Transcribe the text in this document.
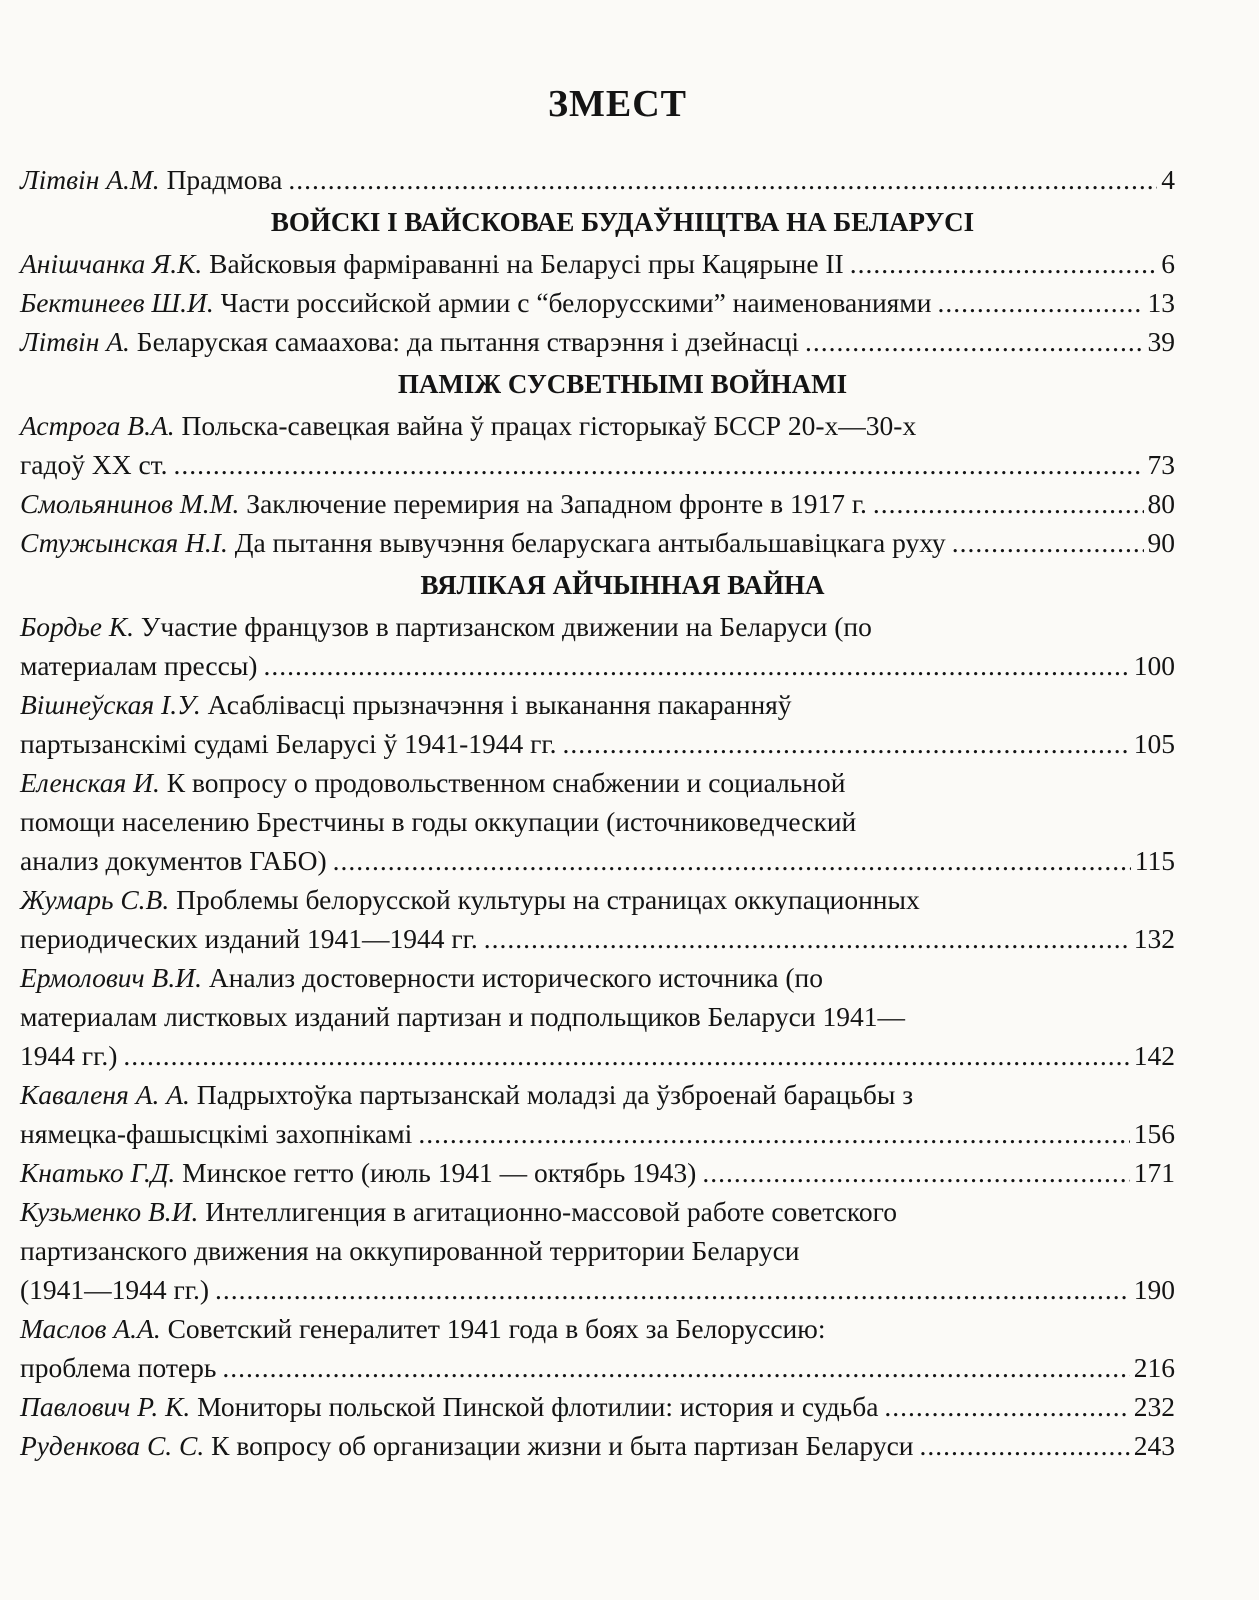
ЗМЕСТ
Літвін А.М. Прадмова .....	4
ВОЙСКІ І ВАЙСКОВАЕ БУДАЎНІЦТВА НА БЕЛАРУСІ
Анішчанка Я.К. Вайсковыя фарміраванні на Беларусі пры Кацярыне II .....	6
Бектинеев Ш.И. Части российской армии с “белорусскими” наименованиями .....	13
Літвін А. Беларуская самаахова: да пытання стварэння і дзейнасці .....	39
ПАМІЖ СУСВЕТНЫМІ ВОЙНАМІ
Астрога В.А. Польска-савецкая вайна ў працах гісторыкаў БССР 20-х—30-х
гадоў XX ст. .....	73
Смольянинов М.М. Заключение перемирия на Западном фронте в 1917 г. .....	80
Стужынская Н.І. Да пытання вывучэння беларускага антыбальшавіцкага руху .....	90
ВЯЛІКАЯ АЙЧЫННАЯ ВАЙНА
Бордье К. Участие французов в партизанском движении на Беларуси (по
материалам прессы) .....	100
Вішнеўская І.У. Асаблівасці прызначэння і выканання пакаранняў
партызанскімі судамі Беларусі ў 1941-1944 гг. .....	105
Еленская И. К вопросу о продовольственном снабжении и социальной
помощи населению Брестчины в годы оккупации (источниковедческий
анализ документов ГАБО) .....	115
Жумарь С.В. Проблемы белорусской культуры на страницах оккупационных
периодических изданий 1941—1944 гг. .....	132
Ермолович В.И. Анализ достоверности исторического источника (по
материалам листковых изданий партизан и подпольщиков Беларуси 1941—
1944 гг.) .....	142
Каваленя А. А. Падрыхтоўка партызанскай моладзі да ўзброенай барацьбы з
нямецка-фашысцкімі захопнікамі .....	156
Кнатько Г.Д. Минское гетто (июль 1941 — октябрь 1943) .....	171
Кузьменко В.И. Интеллигенция в агитационно-массовой работе советского
партизанского движения на оккупированной территории Беларуси
(1941—1944 гг.) .....	190
Маслов А.А. Советский генералитет 1941 года в боях за Белоруссию:
проблема потерь .....	216
Павлович Р. К. Мониторы польской Пинской флотилии: история и судьба .....	232
Руденкова С. С. К вопросу об организации жизни и быта партизан Беларуси .....	243
